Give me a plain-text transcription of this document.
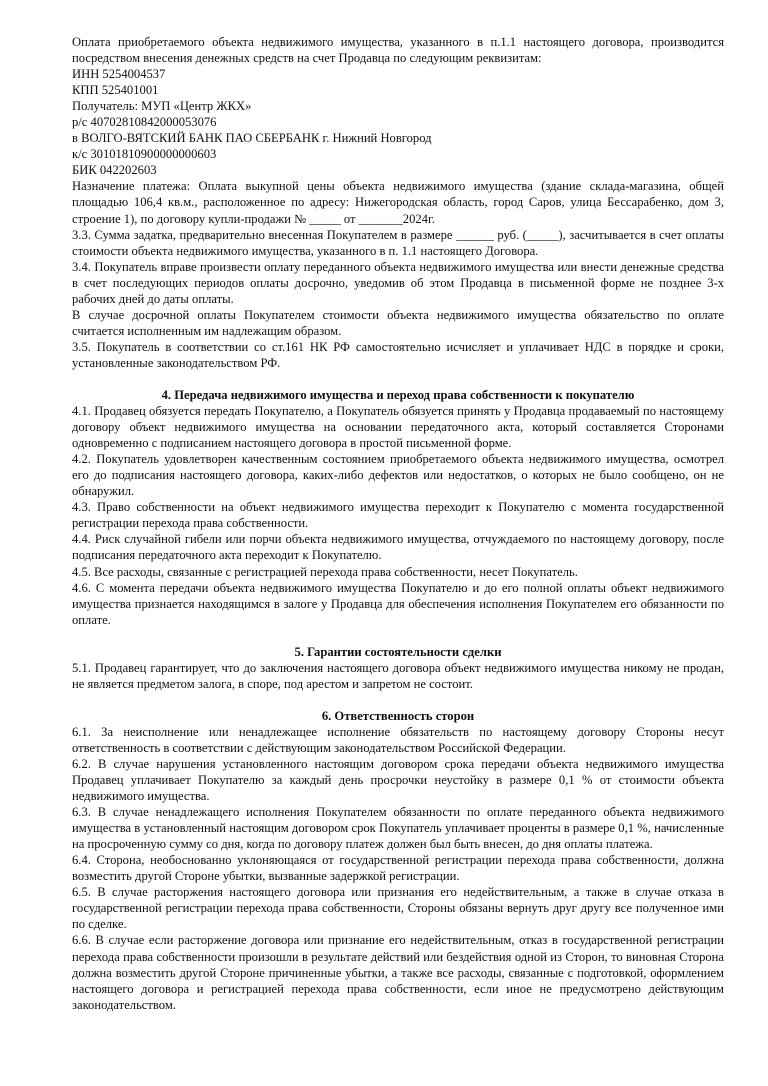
Оплата приобретаемого объекта недвижимого имущества, указанного в п.1.1 настоящего договора, производится посредством внесения денежных средств на счет Продавца по следующим реквизитам:

ИНН 5254004537

КПП 525401001

Получатель: МУП «Центр ЖКХ»

р/с 40702810842000053076

в ВОЛГО-ВЯТСКИЙ БАНК ПАО СБЕРБАНК г. Нижний Новгород

к/с 30101810900000000603

БИК 042202603

Назначение платежа: Оплата выкупной цены объекта недвижимого имущества (здание склада-магазина, общей площадью 106,4 кв.м., расположенное по адресу: Нижегородская область, город Саров, улица Бессарабенко, дом 3, строение 1), по договору купли-продажи № _____ от _______2024г.

3.3. Сумма задатка, предварительно внесенная Покупателем в размере ______ руб. (_____), засчитывается в счет оплаты стоимости объекта недвижимого имущества, указанного в п. 1.1 настоящего Договора.

3.4. Покупатель вправе произвести оплату переданного объекта недвижимого имущества или внести денежные средства в счет последующих периодов оплаты досрочно, уведомив об этом Продавца в письменной форме не позднее 3-х рабочих дней до даты оплаты.

В случае досрочной оплаты Покупателем стоимости объекта недвижимого имущества обязательство по оплате считается исполненным им надлежащим образом.

3.5. Покупатель в соответствии со ст.161 НК РФ самостоятельно исчисляет и уплачивает НДС в порядке и сроки, установленные законодательством РФ.

4. Передача недвижимого имущества и переход права собственности к покупателю

4.1. Продавец обязуется передать Покупателю, а Покупатель обязуется принять у Продавца продаваемый по настоящему договору объект недвижимого имущества на основании передаточного акта, который составляется Сторонами одновременно с подписанием настоящего договора в простой письменной форме.

4.2. Покупатель удовлетворен качественным состоянием приобретаемого объекта недвижимого имущества, осмотрел его до подписания настоящего договора, каких-либо дефектов или недостатков, о которых не было сообщено, он не обнаружил.

4.3. Право собственности на объект недвижимого имущества переходит к Покупателю с момента государственной регистрации перехода права собственности.

4.4. Риск случайной гибели или порчи объекта недвижимого имущества, отчуждаемого по настоящему договору, после подписания передаточного акта переходит к Покупателю.

4.5. Все расходы, связанные с регистрацией перехода права собственности, несет Покупатель.

4.6. С момента передачи объекта недвижимого имущества Покупателю и до его полной оплаты объект недвижимого имущества признается находящимся в залоге у Продавца для обеспечения исполнения Покупателем его обязанности по оплате.

5. Гарантии состоятельности сделки

5.1. Продавец гарантирует, что до заключения настоящего договора объект недвижимого имущества никому не продан, не является предметом залога, в споре, под арестом и запретом не состоит.

6. Ответственность сторон

6.1. За неисполнение или ненадлежащее исполнение обязательств по настоящему договору Стороны несут ответственность в соответствии с действующим законодательством Российской Федерации.

6.2. В случае нарушения установленного настоящим договором срока передачи объекта недвижимого имущества Продавец уплачивает Покупателю за каждый день просрочки неустойку в размере 0,1 % от стоимости объекта недвижимого имущества.

6.3. В случае ненадлежащего исполнения Покупателем обязанности по оплате переданного объекта недвижимого имущества в установленный настоящим договором срок Покупатель уплачивает проценты в размере 0,1 %, начисленные на просроченную сумму со дня, когда по договору платеж должен был быть внесен, до дня оплаты платежа.

6.4. Сторона, необоснованно уклоняющаяся от государственной регистрации перехода права собственности, должна возместить другой Стороне убытки, вызванные задержкой регистрации.

6.5. В случае расторжения настоящего договора или признания его недействительным, а также в случае отказа в государственной регистрации перехода права собственности, Стороны обязаны вернуть друг другу все полученное ими по сделке.

6.6. В случае если расторжение договора или признание его недействительным, отказ в государственной регистрации перехода права собственности произошли в результате действий или бездействия одной из Сторон, то виновная Сторона должна возместить другой Стороне причиненные убытки, а также все расходы, связанные с подготовкой, оформлением настоящего договора и регистрацией перехода права собственности, если иное не предусмотрено действующим законодательством.
